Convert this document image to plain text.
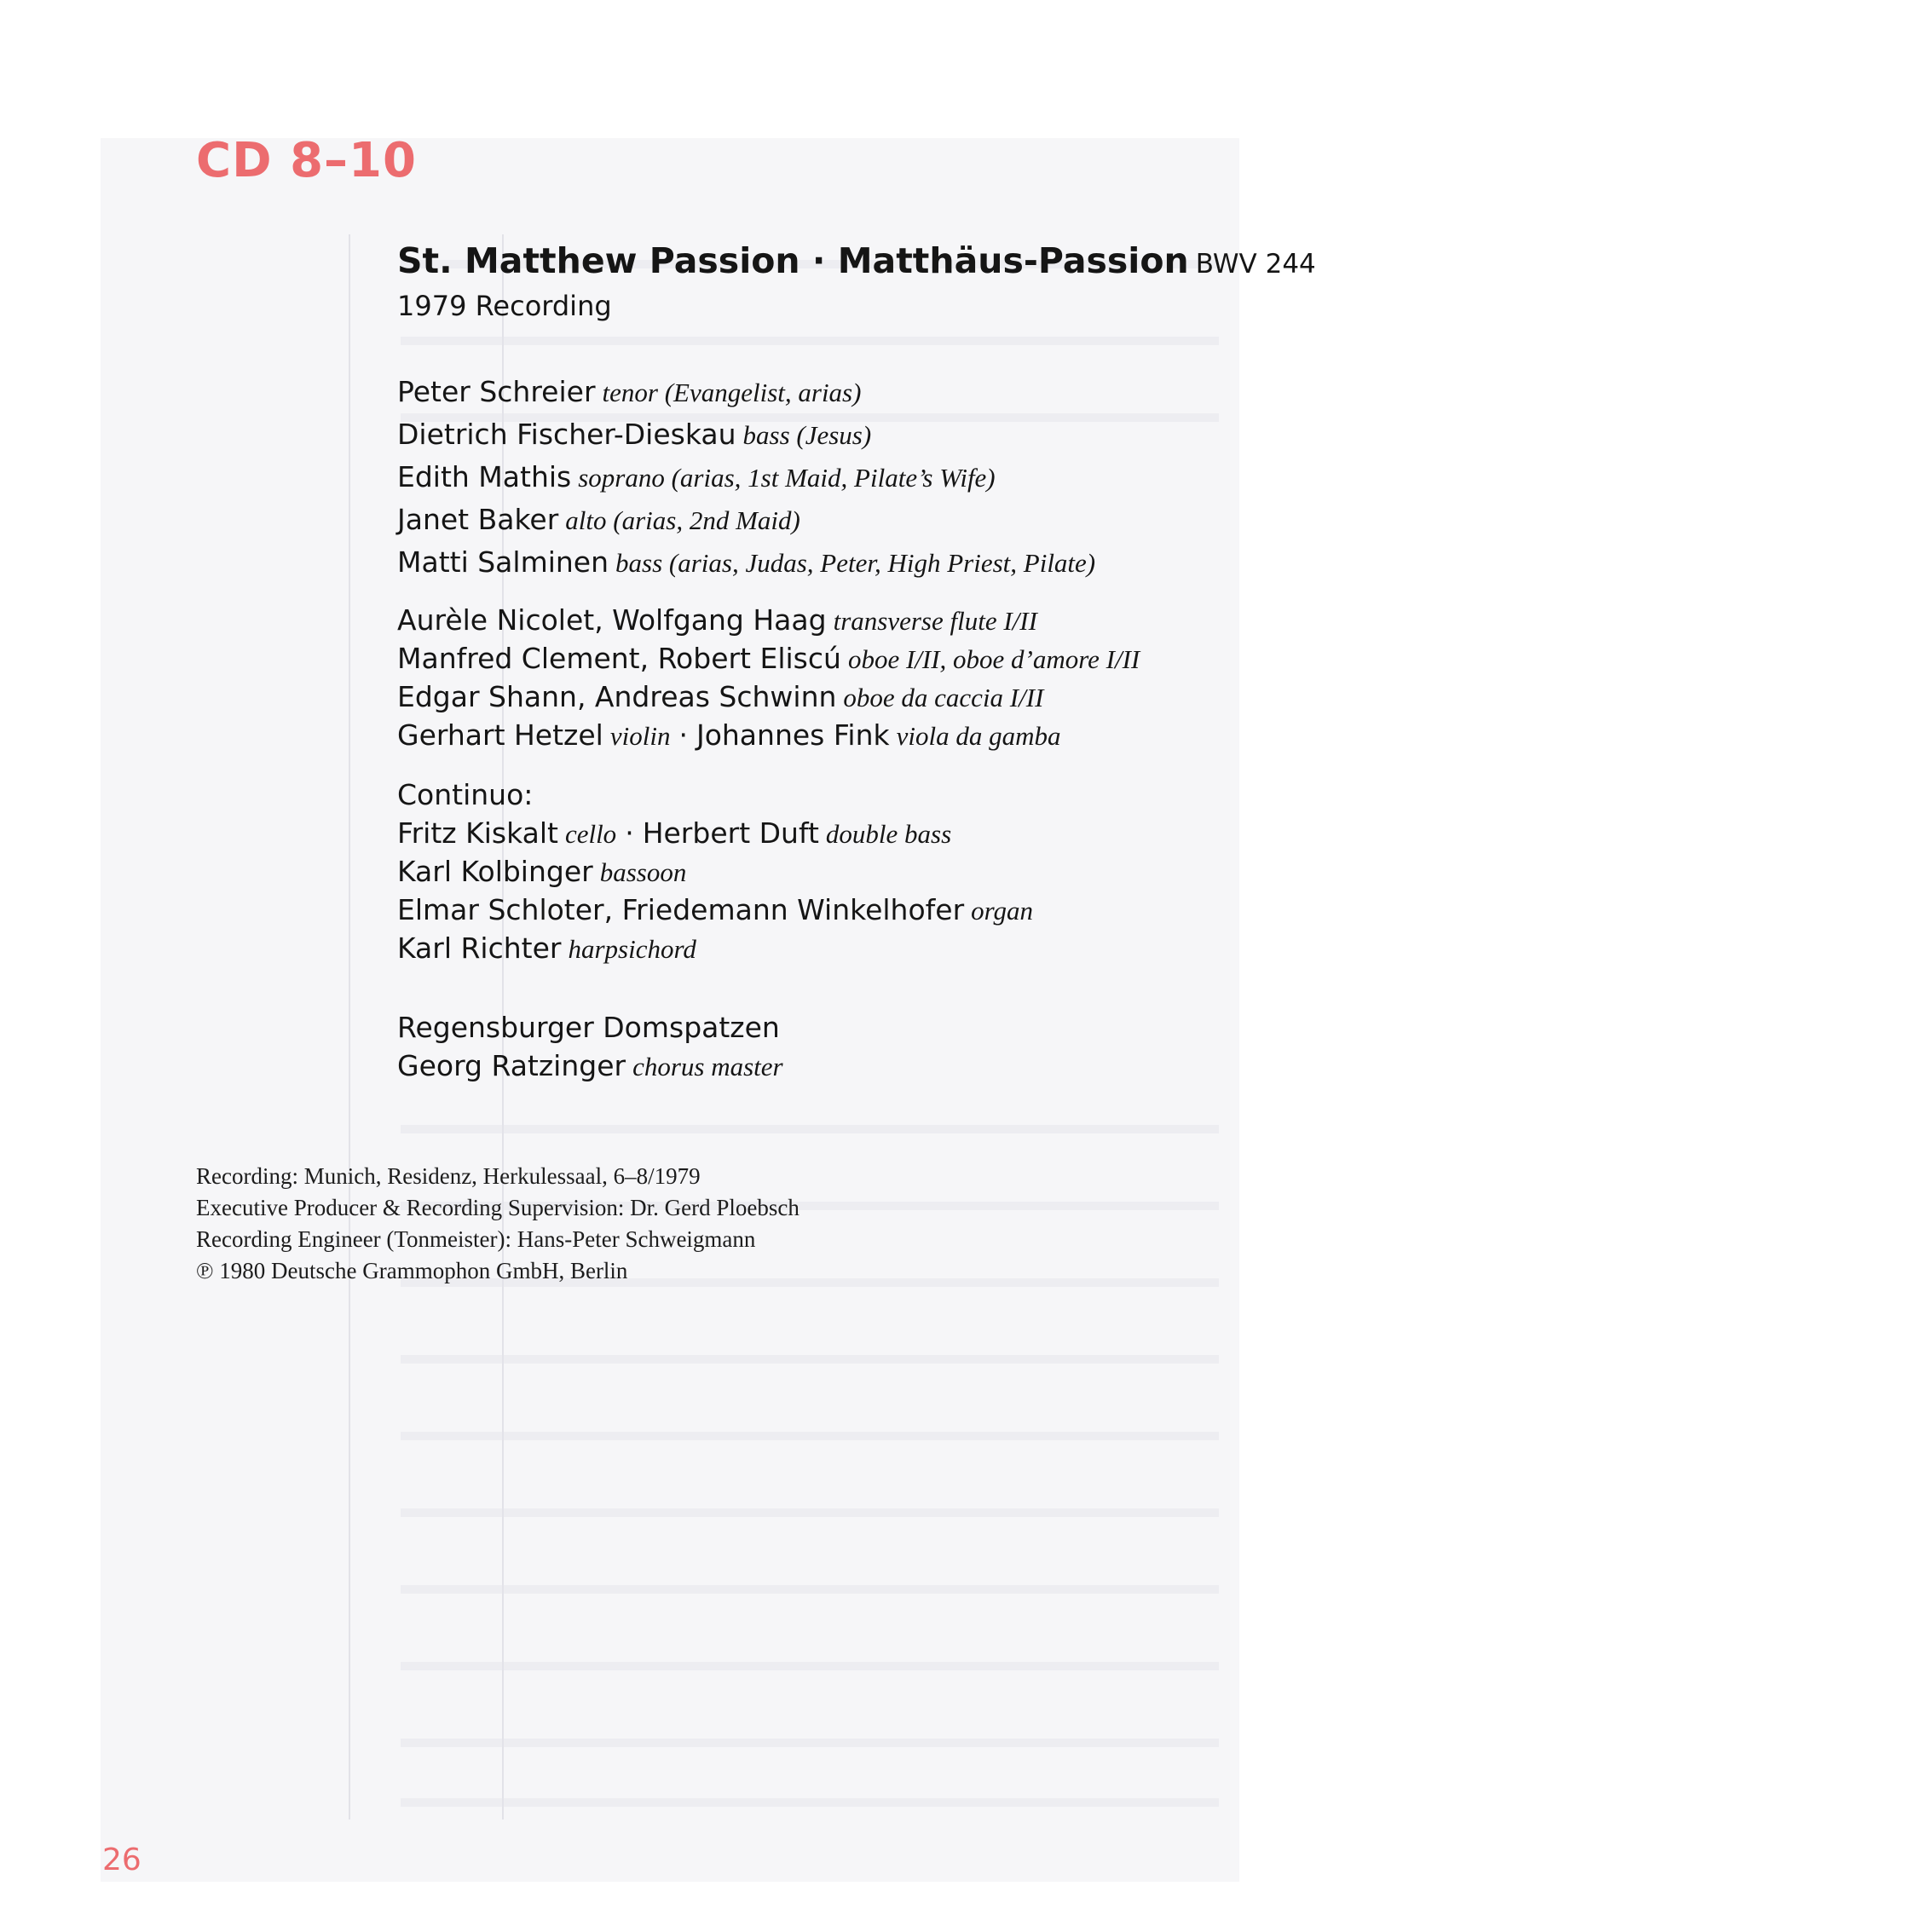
CD 8–10
St. Matthew Passion · Matthäus-Passion BWV 244
1979 Recording
Peter Schreier tenor (Evangelist, arias)
Dietrich Fischer-Dieskau bass (Jesus)
Edith Mathis soprano (arias, 1st Maid, Pilate’s Wife)
Janet Baker alto (arias, 2nd Maid)
Matti Salminen bass (arias, Judas, Peter, High Priest, Pilate)
Aurèle Nicolet, Wolfgang Haag transverse flute I/II
Manfred Clement, Robert Eliscú oboe I/II, oboe d’amore I/II
Edgar Shann, Andreas Schwinn oboe da caccia I/II
Gerhart Hetzel violin · Johannes Fink viola da gamba
Continuo:
Fritz Kiskalt cello · Herbert Duft double bass
Karl Kolbinger bassoon
Elmar Schloter, Friedemann Winkelhofer organ
Karl Richter harpsichord
Regensburger Domspatzen
Georg Ratzinger chorus master
Recording: Munich, Residenz, Herkulessaal, 6–8/1979
Executive Producer & Recording Supervision: Dr. Gerd Ploebsch
Recording Engineer (Tonmeister): Hans-Peter Schweigmann
℗ 1980 Deutsche Grammophon GmbH, Berlin
26
